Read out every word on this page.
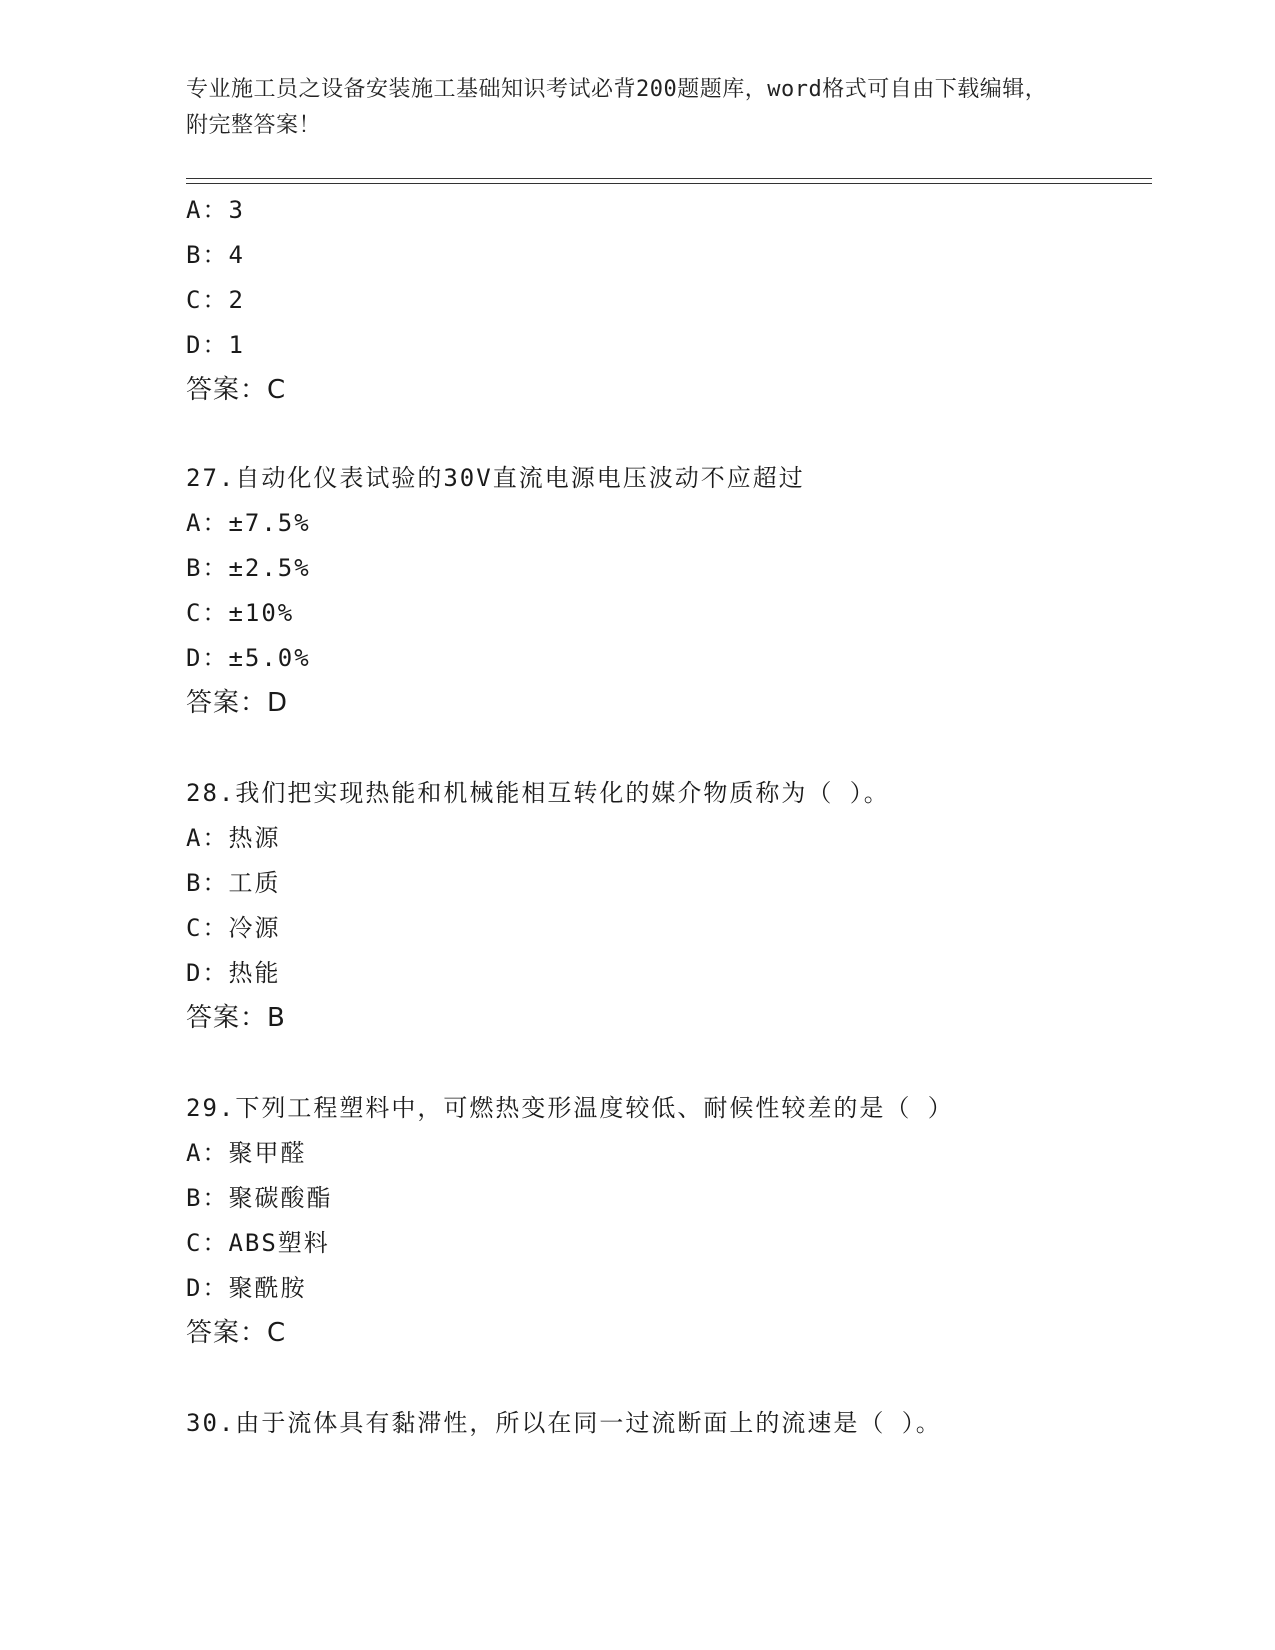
专业施工员之设备安装施工基础知识考试必背200题题库，word格式可自由下载编辑，附完整答案！
A：3
B：4
C：2
D：1
答案：C
27.自动化仪表试验的30V直流电源电压波动不应超过
A：±7.5%
B：±2.5%
C：±10%
D：±5.0%
答案：D
28.我们把实现热能和机械能相互转化的媒介物质称为（ ）。
A：热源
B：工质
C：冷源
D：热能
答案：B
29.下列工程塑料中，可燃热变形温度较低、耐候性较差的是（ ）
A：聚甲醛
B：聚碳酸酯
C：ABS塑料
D：聚酰胺
答案：C
30.由于流体具有黏滞性，所以在同一过流断面上的流速是（ ）。
